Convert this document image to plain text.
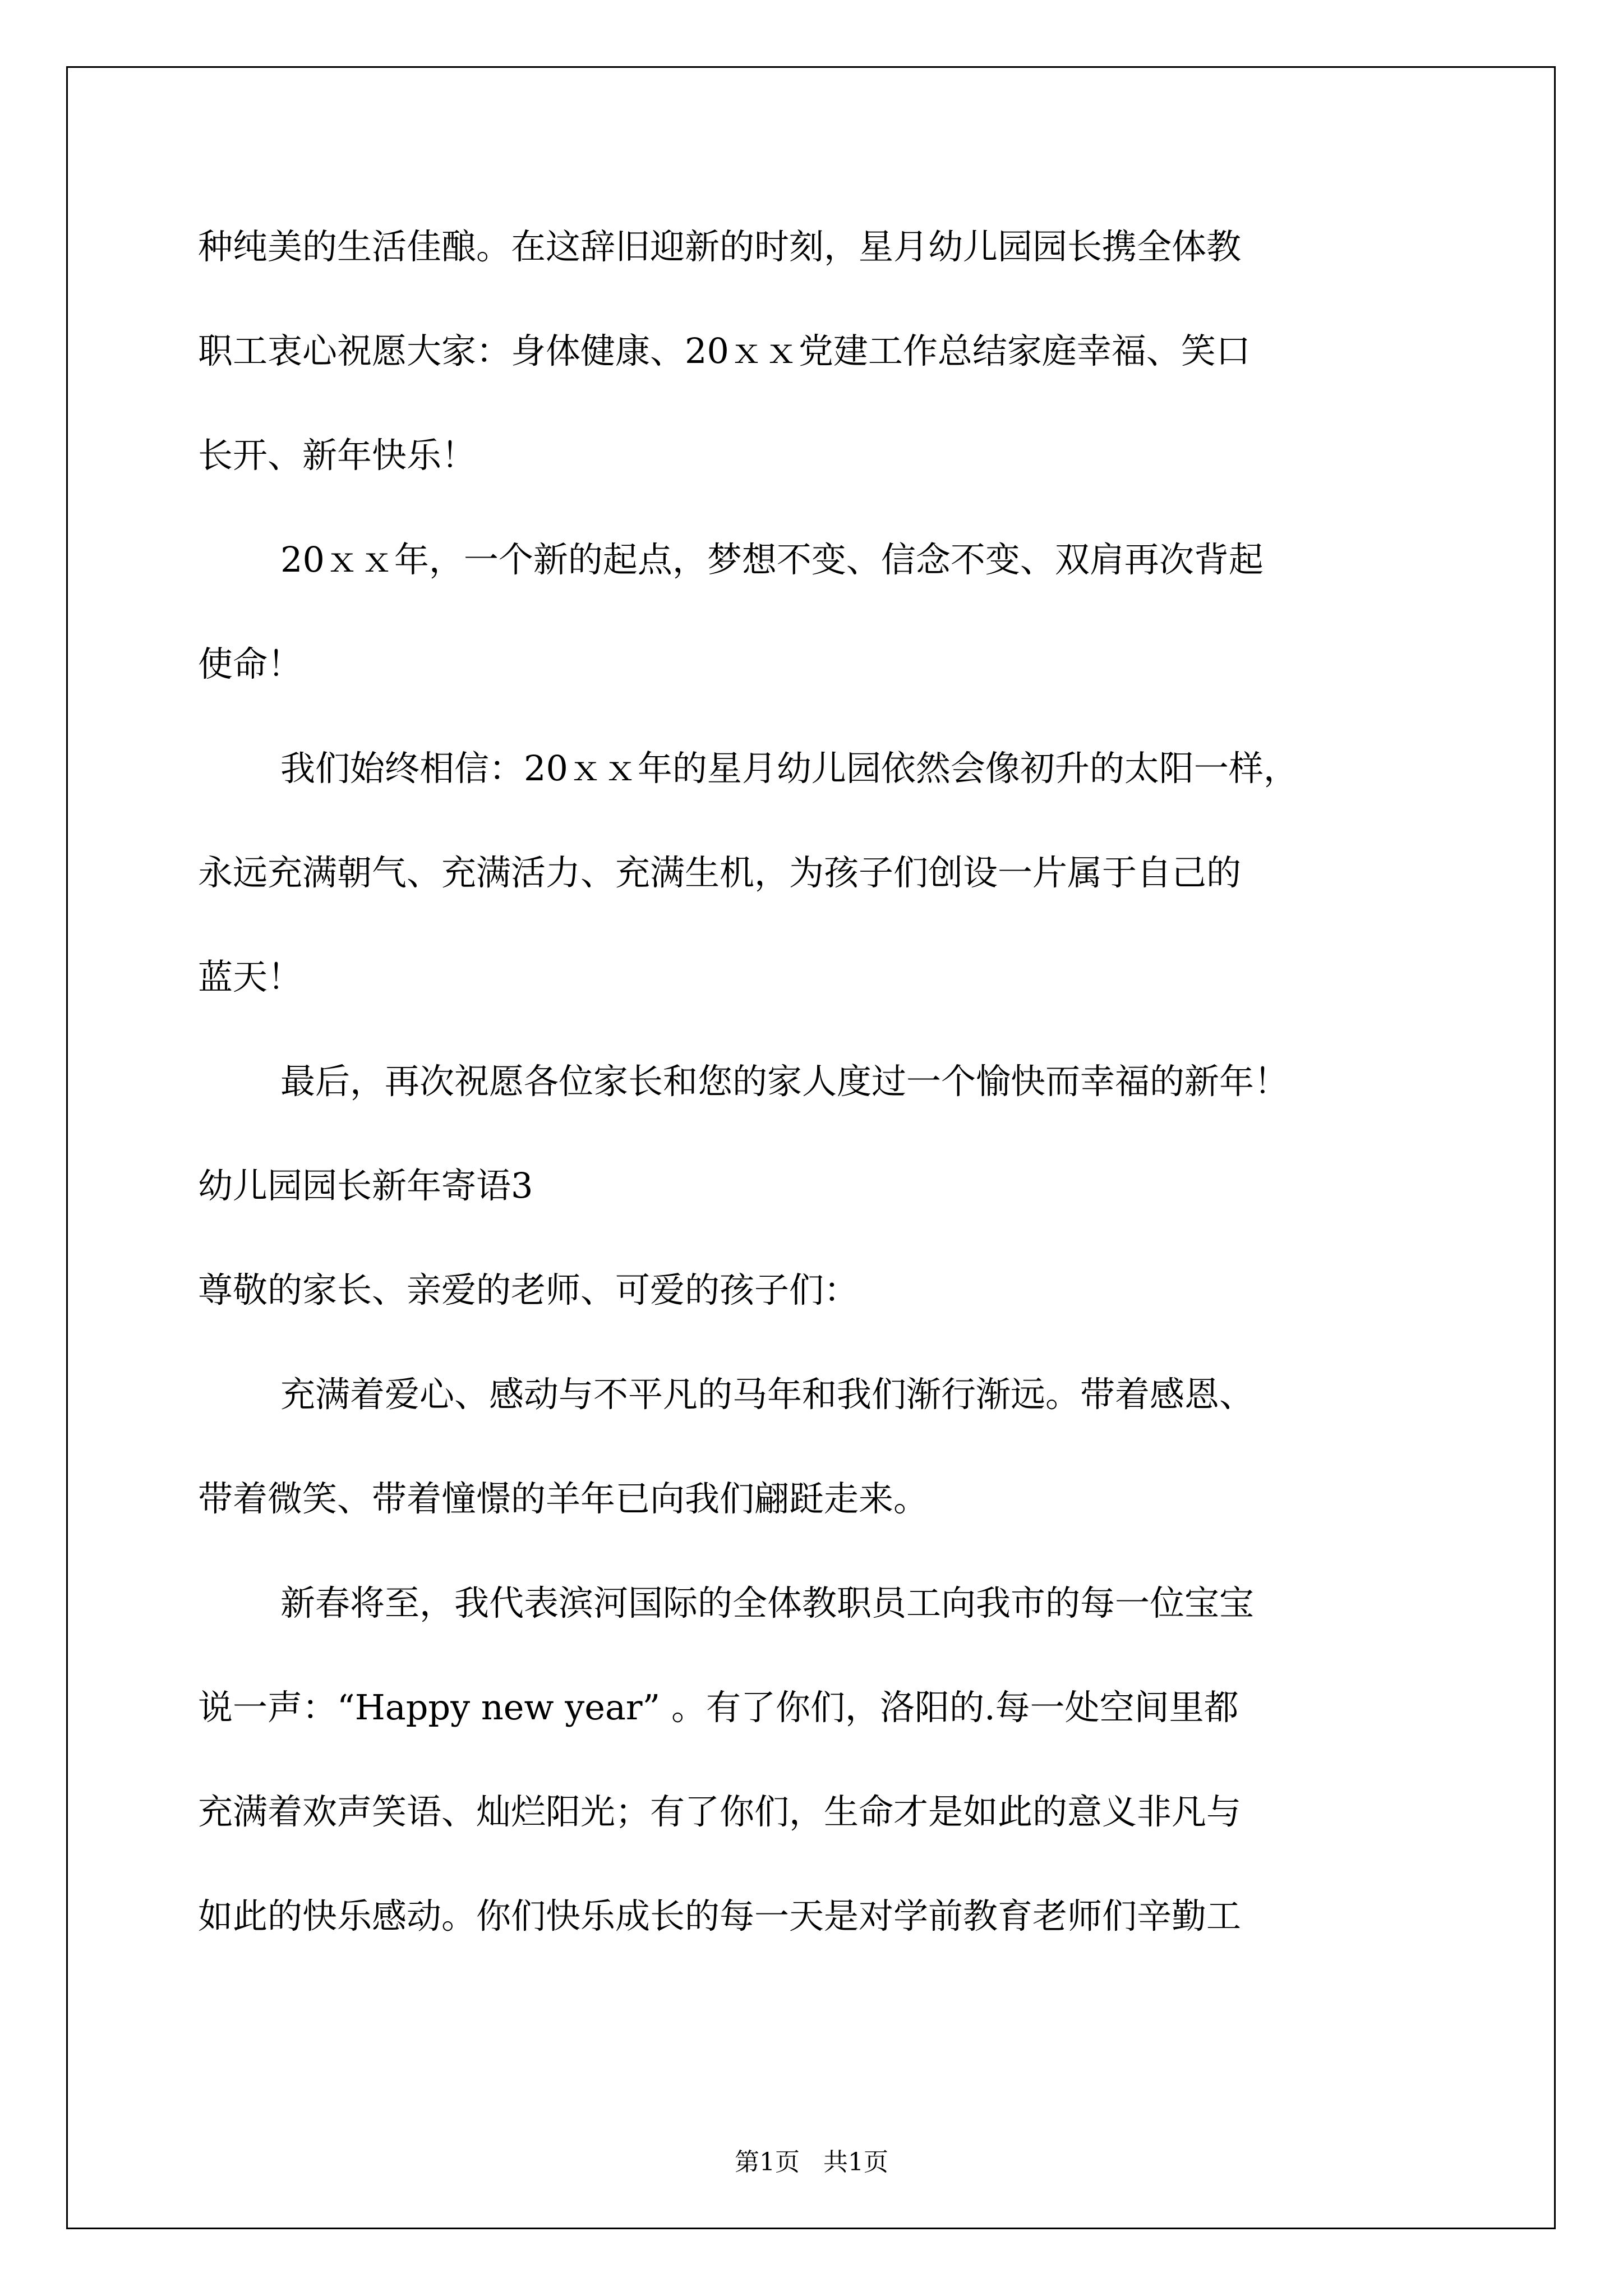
种纯美的生活佳酿。在这辞旧迎新的时刻，星月幼儿园园长携全体教
职工衷心祝愿大家：身体健康、20ｘｘ党建工作总结家庭幸福、笑口
长开、新年快乐！
20ｘｘ年，一个新的起点，梦想不变、信念不变、双肩再次背起
使命！
我们始终相信：20ｘｘ年的星月幼儿园依然会像初升的太阳一样，
永远充满朝气、充满活力、充满生机，为孩子们创设一片属于自己的
蓝天！
最后，再次祝愿各位家长和您的家人度过一个愉快而幸福的新年！
幼儿园园长新年寄语3
尊敬的家长、亲爱的老师、可爱的孩子们：
充满着爱心、感动与不平凡的马年和我们渐行渐远。带着感恩、
带着微笑、带着憧憬的羊年已向我们翩跹走来。
新春将至，我代表滨河国际的全体教职员工向我市的每一位宝宝
说一声：“Happy new year” 。有了你们，洛阳的.每一处空间里都
充满着欢声笑语、灿烂阳光；有了你们，生命才是如此的意义非凡与
如此的快乐感动。你们快乐成长的每一天是对学前教育老师们辛勤工
第1页   共1页
